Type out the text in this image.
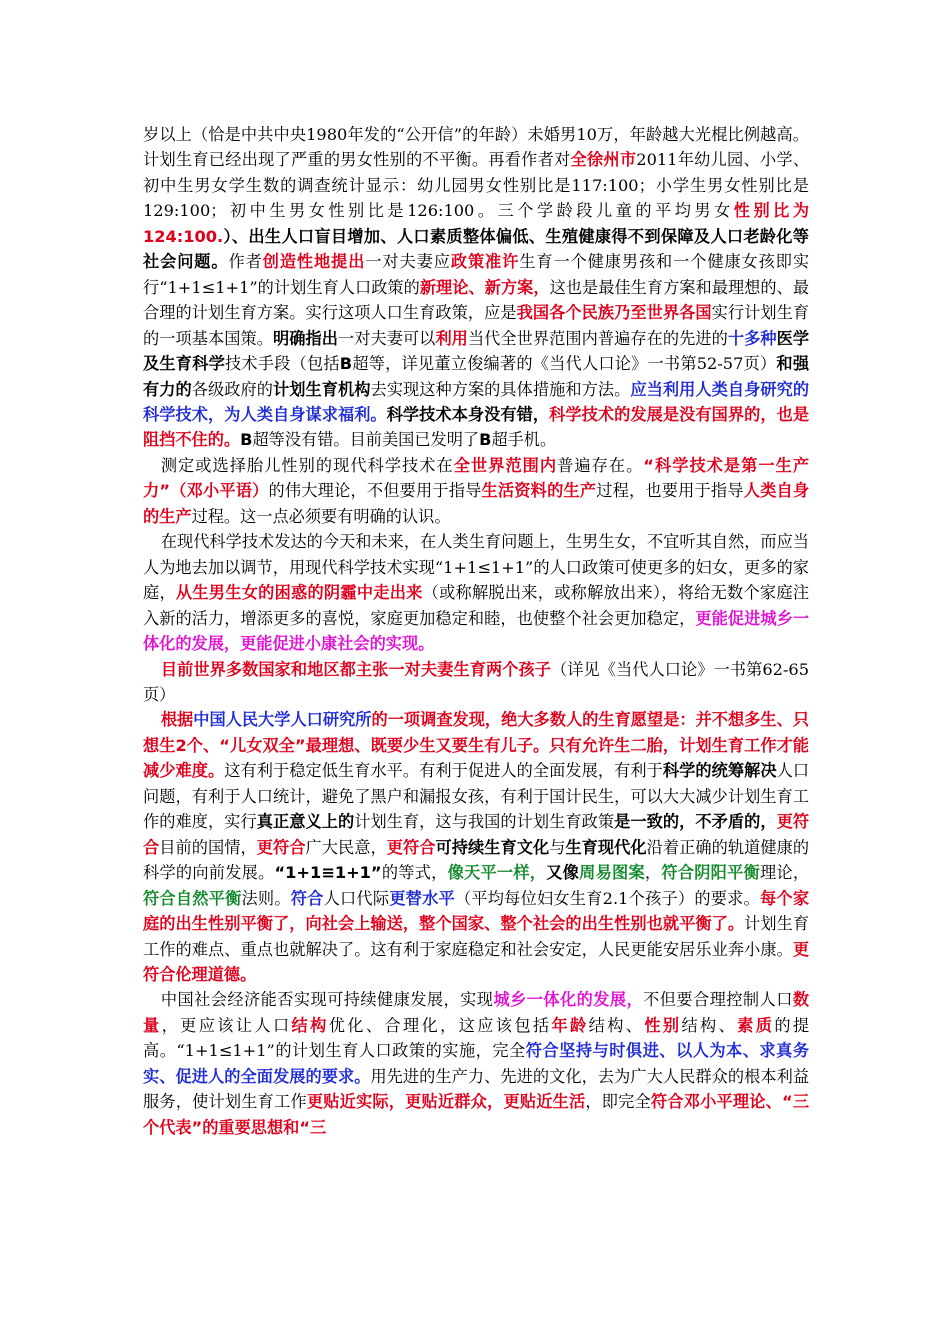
岁以上（恰是中共中央1980年发的“公开信”的年龄）未婚男10万，年龄越大光棍比例越高。计划生育已经出现了严重的男女性别的不平衡。再看作者对全徐州市2011年幼儿园、小学、初中生男女学生数的调查统计显示：幼儿园男女性别比是117:100；小学生男女性别比是129:100；初中生男女性别比是126:100。三个学龄段儿童的平均男女性别比为124:100.）、出生人口盲目增加、人口素质整体偏低、生殖健康得不到保障及人口老龄化等社会问题。作者创造性地提出一对夫妻应政策准许生育一个健康男孩和一个健康女孩即实行“1+1≤1+1”的计划生育人口政策的新理论、新方案，这也是最佳生育方案和最理想的、最合理的计划生育方案。实行这项人口生育政策，应是我国各个民族乃至世界各国实行计划生育的一项基本国策。明确指出一对夫妻可以利用当代全世界范围内普遍存在的先进的十多种医学及生育科学技术手段（包括B超等，详见董立俊编著的《当代人口论》一书第52-57页）和强有力的各级政府的计划生育机构去实现这种方案的具体措施和方法。应当利用人类自身研究的科学技术，为人类自身谋求福利。科学技术本身没有错，科学技术的发展是没有国界的，也是阻挡不住的。B超等没有错。目前美国已发明了B超手机。

测定或选择胎儿性别的现代科学技术在全世界范围内普遍存在。“科学技术是第一生产力”（邓小平语）的伟大理论，不但要用于指导生活资料的生产过程，也要用于指导人类自身的生产过程。这一点必须要有明确的认识。

在现代科学技术发达的今天和未来，在人类生育问题上，生男生女，不宜听其自然，而应当人为地去加以调节，用现代科学技术实现“1+1≤1+1”的人口政策可使更多的妇女，更多的家庭，从生男生女的困惑的阴霾中走出来（或称解脱出来，或称解放出来），将给无数个家庭注入新的活力，增添更多的喜悦，家庭更加稳定和睦，也使整个社会更加稳定，更能促进城乡一体化的发展，更能促进小康社会的实现。

目前世界多数国家和地区都主张一对夫妻生育两个孩子（详见《当代人口论》一书第62-65页）

根据中国人民大学人口研究所的一项调查发现，绝大多数人的生育愿望是：并不想多生、只想生2个、“儿女双全”最理想、既要少生又要生有儿子。只有允许生二胎，计划生育工作才能减少难度。这有利于稳定低生育水平。有利于促进人的全面发展，有利于科学的统筹解决人口问题，有利于人口统计，避免了黑户和漏报女孩，有利于国计民生，可以大大减少计划生育工作的难度，实行真正意义上的计划生育，这与我国的计划生育政策是一致的，不矛盾的，更符合目前的国情，更符合广大民意，更符合可持续生育文化与生育现代化沿着正确的轨道健康的科学的向前发展。“1+1≡1+1”的等式，像天平一样，又像周易图案，符合阴阳平衡理论，符合自然平衡法则。符合人口代际更替水平（平均每位妇女生育2.1个孩子）的要求。每个家庭的出生性别平衡了，向社会上输送，整个国家、整个社会的出生性别也就平衡了。计划生育工作的难点、重点也就解决了。这有利于家庭稳定和社会安定，人民更能安居乐业奔小康。更符合伦理道德。

中国社会经济能否实现可持续健康发展，实现城乡一体化的发展，不但要合理控制人口数量，更应该让人口结构优化、合理化，这应该包括年龄结构、性别结构、素质的提高。“1+1≤1+1”的计划生育人口政策的实施，完全符合坚持与时俱进、以人为本、求真务实、促进人的全面发展的要求。用先进的生产力、先进的文化，去为广大人民群众的根本利益服务，使计划生育工作更贴近实际，更贴近群众，更贴近生活，即完全符合邓小平理论、“三个代表”的重要思想和“三
